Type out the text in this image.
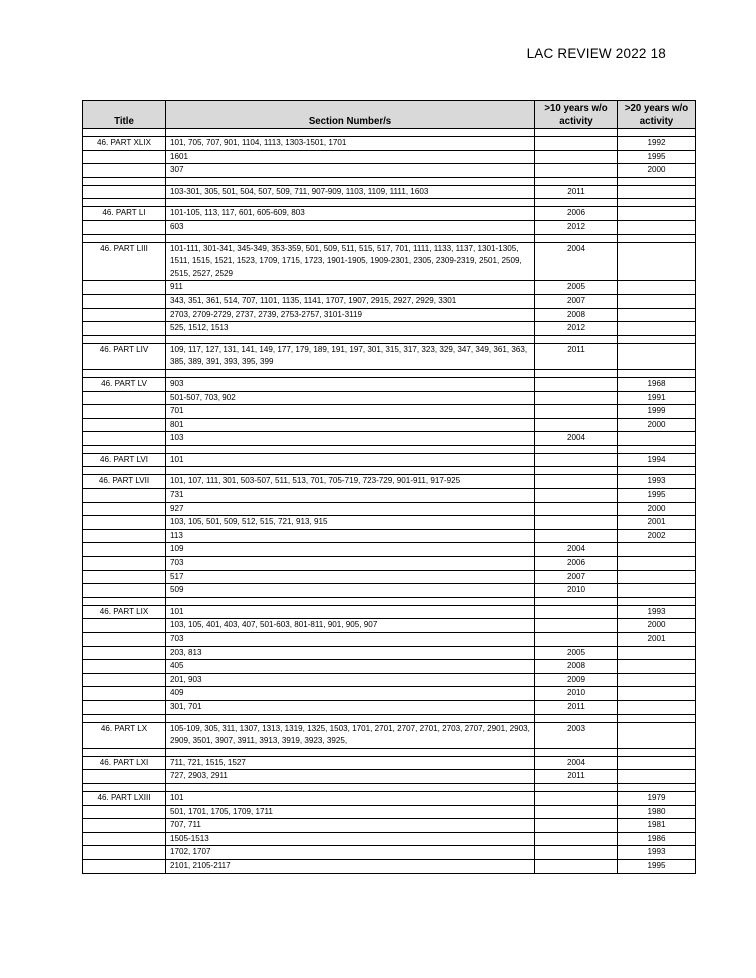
LAC REVIEW 2022 18
Title	Section Number/s	>10 years w/o activity	>20 years w/o activity

46. PART XLIX	101, 705, 707, 901, 1104, 1113, 1303-1501, 1701		1992
	1601		1995
	307		2000

	103-301, 305, 501, 504, 507, 509, 711, 907-909, 1103, 1109, 1111, 1603	2011	

46. PART LI	101-105, 113, 117, 601, 605-609, 803	2006	
	603	2012	

46. PART LIII	101-111, 301-341, 345-349, 353-359, 501, 509, 511, 515, 517, 701, 1111, 1133, 1137, 1301-1305, 1511, 1515, 1521, 1523, 1709, 1715, 1723, 1901-1905, 1909-2301, 2305, 2309-2319, 2501, 2509, 2515, 2527, 2529	2004	
	911	2005	
	343, 351, 361, 514, 707, 1101, 1135, 1141, 1707, 1907, 2915, 2927, 2929, 3301	2007	
	2703, 2709-2729, 2737, 2739, 2753-2757, 3101-3119	2008	
	525, 1512, 1513	2012	

46. PART LIV	109, 117, 127, 131, 141, 149, 177, 179, 189, 191, 197, 301, 315, 317, 323, 329, 347, 349, 361, 363, 385, 389, 391, 393, 395, 399	2011	

46. PART LV	903		1968
	501-507, 703, 902		1991
	701		1999
	801		2000
	103	2004	

46. PART LVI	101		1994

46. PART LVII	101, 107, 111, 301, 503-507, 511, 513, 701, 705-719, 723-729, 901-911, 917-925		1993
	731		1995
	927		2000
	103, 105, 501, 509, 512, 515, 721, 913, 915		2001
	113		2002
	109	2004	
	703	2006	
	517	2007	
	509	2010	

46. PART LIX	101		1993
	103, 105, 401, 403, 407, 501-603, 801-811, 901, 905, 907		2000
	703		2001
	203, 813	2005	
	405	2008	
	201, 903	2009	
	409	2010	
	301, 701	2011	

46. PART LX	105-109, 305, 311, 1307, 1313, 1319, 1325, 1503, 1701, 2701, 2707, 2701, 2703, 2707, 2901, 2903, 2909, 3501, 3907, 3911, 3913, 3919, 3923, 3925,	2003	

46. PART LXI	711, 721, 1515, 1527	2004	
	727, 2903, 2911	2011	

46. PART LXIII	101		1979
	501, 1701, 1705, 1709, 1711		1980
	707, 711		1981
	1505-1513		1986
	1702, 1707		1993
	2101, 2105-2117		1995
